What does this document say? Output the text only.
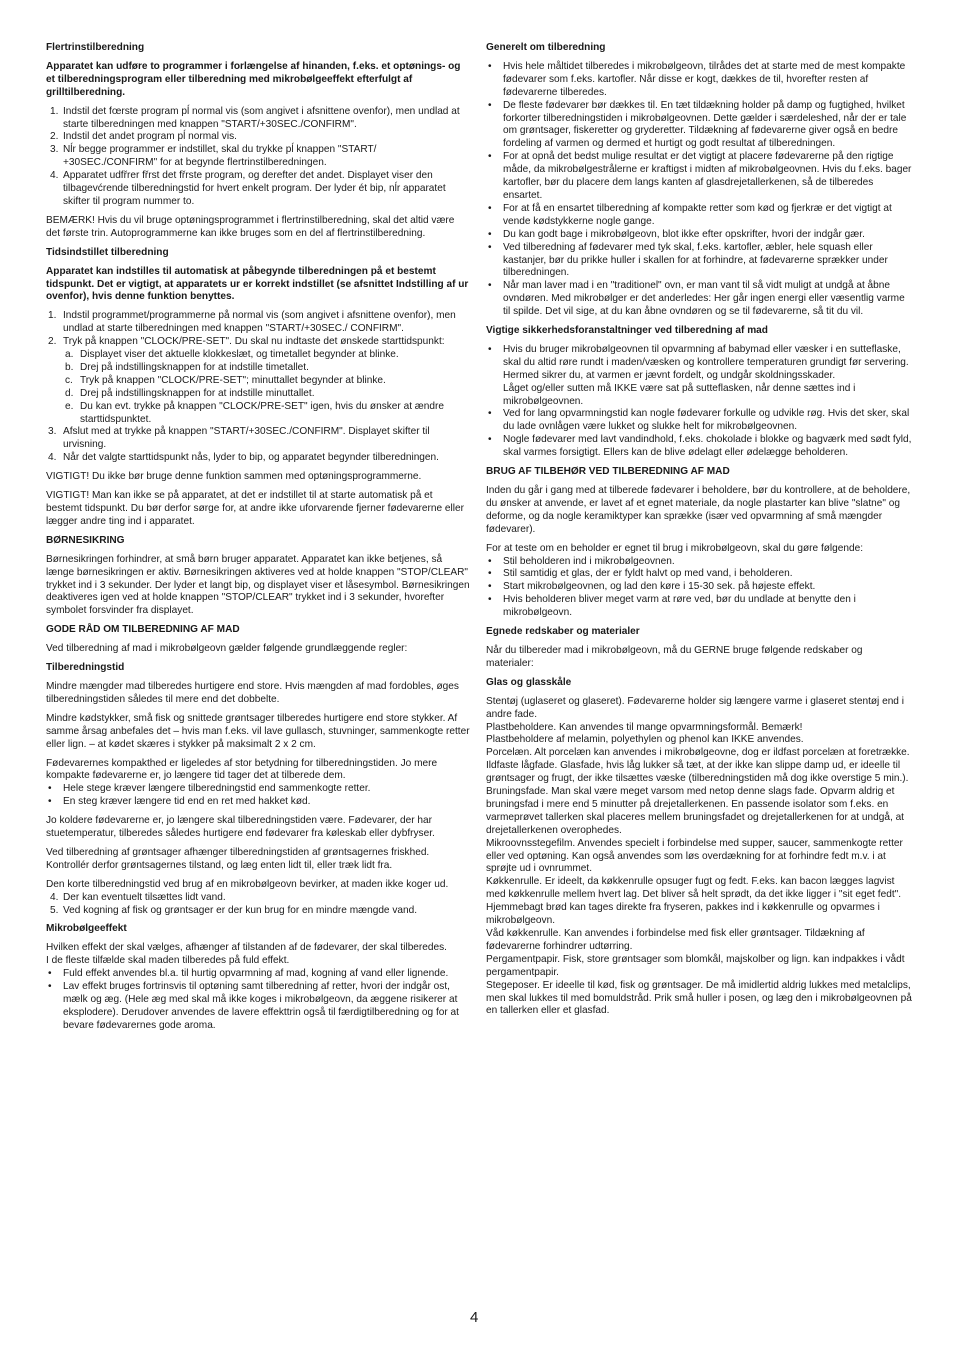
Flertrinstilberedning

Apparatet kan udføre to programmer i forlængelse af hinanden, f.eks. et optønings- og et tilberedningsprogram eller tilberedning med mikrobølgeeffekt efterfulgt af grilltilberedning.

1. Indstil det fœrste program pĺ normal vis (som angivet i afsnittene ovenfor), men undlad at starte tilberedningen med knappen "START/+30SEC./CONFIRM".
2. Indstil det andet program pĺ normal vis.
3. Nĺr begge programmer er indstillet, skal du trykke pĺ knappen "START/ +30SEC./CONFIRM" for at begynde flertrinstilberedningen.
4. Apparatet udfřrer fřrst det fřrste program, og derefter det andet. Displayet viser den tilbagevćrende tilberedningstid for hvert enkelt program. Der lyder ét bip, nĺr apparatet skifter til program nummer to.

BEMÆRK! Hvis du vil bruge optøningsprogrammet i flertrinstilberedning, skal det altid være det første trin. Autoprogrammerne kan ikke bruges som en del af flertrinstilberedning.

Tidsindstillet tilberedning

Apparatet kan indstilles til automatisk at påbegynde tilberedningen på et bestemt tidspunkt. Det er vigtigt, at apparatets ur er korrekt indstillet (se afsnittet Indstilling af ur ovenfor), hvis denne funktion benyttes.

1. Indstil programmet/programmerne på normal vis (som angivet i afsnittene ovenfor), men undlad at starte tilberedningen med knappen "START/+30SEC./ CONFIRM".
2. Tryk på knappen "CLOCK/PRE-SET". Du skal nu indtaste det ønskede starttidspunkt:
a. Displayet viser det aktuelle klokkeslæt, og timetallet begynder at blinke.
b. Drej på indstillingsknappen for at indstille timetallet.
c. Tryk på knappen "CLOCK/PRE-SET"; minuttallet begynder at blinke.
d. Drej på indstillingsknappen for at indstille minuttallet.
e. Du kan evt. trykke på knappen "CLOCK/PRE-SET" igen, hvis du ønsker at ændre starttidspunktet.
3. Afslut med at trykke på knappen "START/+30SEC./CONFIRM". Displayet skifter til urvisning.
4. Når det valgte starttidspunkt nås, lyder to bip, og apparatet begynder tilberedningen.

VIGTIGT! Du ikke bør bruge denne funktion sammen med optøningsprogrammerne.

VIGTIGT! Man kan ikke se på apparatet, at det er indstillet til at starte automatisk på et bestemt tidspunkt. Du bør derfor sørge for, at andre ikke uforvarende fjerner fødevarerne eller lægger andre ting ind i apparatet.

BØRNESIKRING

Børnesikringen forhindrer, at små børn bruger apparatet. Apparatet kan ikke betjenes, så længe børnesikringen er aktiv. Børnesikringen aktiveres ved at holde knappen "STOP/CLEAR" trykket ind i 3 sekunder. Der lyder et langt bip, og displayet viser et låsesymbol. Børnesikringen deaktiveres igen ved at holde knappen "STOP/CLEAR" trykket ind i 3 sekunder, hvorefter symbolet forsvinder fra displayet.

GODE RÅD OM TILBEREDNING AF MAD

Ved tilberedning af mad i mikrobølgeovn gælder følgende grundlæggende regler:

Tilberedningstid

Mindre mængder mad tilberedes hurtigere end store. Hvis mængden af mad fordobles, øges tilberedningstiden således til mere end det dobbelte.

Mindre kødstykker, små fisk og snittede grøntsager tilberedes hurtigere end store stykker. Af samme årsag anbefales det – hvis man f.eks. vil lave gullasch, stuvninger, sammenkogte retter eller lign. – at kødet skæres i stykker på maksimalt 2 x 2 cm.

Fødevarernes kompakthed er ligeledes af stor betydning for tilberedningstiden. Jo mere kompakte fødevarerne er, jo længere tid tager det at tilberede dem.

• Hele stege kræver længere tilberedningstid end sammenkogte retter.
• En steg kræver længere tid end en ret med hakket kød.

Jo koldere fødevarerne er, jo længere skal tilberedningstiden være. Fødevarer, der har stuetemperatur, tilberedes således hurtigere end fødevarer fra køleskab eller dybfryser.

Ved tilberedning af grøntsager afhænger tilberedningstiden af grøntsagernes friskhed. Kontrollér derfor grøntsagernes tilstand, og læg enten lidt til, eller træk lidt fra.

Den korte tilberedningstid ved brug af en mikrobølgeovn bevirker, at maden ikke koger ud.

4. Der kan eventuelt tilsættes lidt vand.
5. Ved kogning af fisk og grøntsager er der kun brug for en mindre mængde vand.
Mikrobølgeeffekt

Hvilken effekt der skal vælges, afhænger af tilstanden af de fødevarer, der skal tilberedes.

I de fleste tilfælde skal maden tilberedes på fuld effekt.

• Fuld effekt anvendes bl.a. til hurtig opvarmning af mad, kogning af vand eller lignende.
• Lav effekt bruges fortrinsvis til optøning samt tilberedning af retter, hvori der indgår ost, mælk og æg. (Hele æg med skal må ikke koges i mikrobølgeovn, da æggene risikerer at eksplodere). Derudover anvendes de lavere effekttrin også til færdigtilberedning og for at bevare fødevarernes gode aroma.
Generelt om tilberedning
• Hvis hele måltidet tilberedes i mikrobølgeovn, tilrådes det at starte med de mest kompakte fødevarer som f.eks. kartofler. Når disse er kogt, dækkes de til, hvorefter resten af fødevarerne tilberedes.
• De fleste fødevarer bør dækkes til. En tæt tildækning holder på damp og fugtighed, hvilket forkorter tilberedningstiden i mikrobølgeovnen. Dette gælder i særdeleshed, når der er tale om grøntsager, fiskeretter og gryderetter. Tildækning af fødevarerne giver også en bedre fordeling af varmen og dermed et hurtigt og godt resultat af tilberedningen.
• For at opnå det bedst mulige resultat er det vigtigt at placere fødevarerne på den rigtige måde, da mikrobølgestrålerne er kraftigst i midten af mikrobølgeovnen. Hvis du f.eks. bager kartofler, bør du placere dem langs kanten af glasdrejetallerkenen, så de tilberedes ensartet.
• For at få en ensartet tilberedning af kompakte retter som kød og fjerkræ er det vigtigt at vende kødstykkerne nogle gange.
• Du kan godt bage i mikrobølgeovn, blot ikke efter opskrifter, hvori der indgår gær.
• Ved tilberedning af fødevarer med tyk skal, f.eks. kartofler, æbler, hele squash eller kastanjer, bør du prikke huller i skallen for at forhindre, at fødevarerne sprækker under tilberedningen.
• Når man laver mad i en "traditionel" ovn, er man vant til så vidt muligt at undgå at åbne ovndøren. Med mikrobølger er det anderledes: Her går ingen energi eller væsentlig varme til spilde. Det vil sige, at du kan åbne ovndøren og se til fødevarerne, så tit du vil.
Vigtige sikkerhedsforanstaltninger ved tilberedning af mad
• Hvis du bruger mikrobølgeovnen til opvarmning af babymad eller væsker i en sutteflaske, skal du altid røre rundt i maden/væsken og kontrollere temperaturen grundigt før servering. Hermed sikrer du, at varmen er jævnt fordelt, og undgår skoldningsskader.
Låget og/eller sutten må IKKE være sat på sutteflasken, når denne sættes ind i mikrobølgeovnen.
• Ved for lang opvarmningstid kan nogle fødevarer forkulle og udvikle røg. Hvis det sker, skal du lade ovnlågen være lukket og slukke helt for mikrobølgeovnen.
• Nogle fødevarer med lavt vandindhold, f.eks. chokolade i blokke og bagværk med sødt fyld, skal varmes forsigtigt. Ellers kan de blive ødelagt eller ødelægge beholderen.
BRUG AF TILBEHØR VED TILBEREDNING AF MAD

Inden du går i gang med at tilberede fødevarer i beholdere, bør du kontrollere, at de beholdere, du ønsker at anvende, er lavet af et egnet materiale, da nogle plastarter kan blive "slatne" og deforme, og da nogle keramiktyper kan sprække (især ved opvarmning af små mængder fødevarer).

For at teste om en beholder er egnet til brug i mikrobølgeovn, skal du gøre følgende:

• Stil beholderen ind i mikrobølgeovnen.
• Stil samtidig et glas, der er fyldt halvt op med vand, i beholderen.
• Start mikrobølgeovnen, og lad den køre i 15-30 sek. på højeste effekt.
• Hvis beholderen bliver meget varm at røre ved, bør du undlade at benytte den i mikrobølgeovn.
Egnede redskaber og materialer

Når du tilbereder mad i mikrobølgeovn, må du GERNE bruge følgende redskaber og materialer:

Glas og glasskåle

Stentøj (uglaseret og glaseret). Fødevarerne holder sig længere varme i glaseret stentøj end i andre fade.

Plastbeholdere. Kan anvendes til mange opvarmningsformål. Bemærk!

Plastbeholdere af melamin, polyethylen og phenol kan IKKE anvendes.

Porcelæn. Alt porcelæn kan anvendes i mikrobølgeovne, dog er ildfast porcelæn at foretrække.

Ildfaste lågfade. Glasfade, hvis låg lukker så tæt, at der ikke kan slippe damp ud, er ideelle til grøntsager og frugt, der ikke tilsættes væske (tilberedningstiden må dog ikke overstige 5 min.).

Bruningsfade. Man skal være meget varsom med netop denne slags fade. Opvarm aldrig et bruningsfad i mere end 5 minutter på drejetallerkenen. En passende isolator som f.eks. en varmeprøvet tallerken skal placeres mellem bruningsfadet og drejetallerkenen for at undgå, at drejetallerkenen overophedes.

Mikroovnsstegefilm. Anvendes specielt i forbindelse med supper, saucer, sammenkogte retter eller ved optøning. Kan også anvendes som løs overdækning for at forhindre fedt m.v. i at sprøjte ud i ovnrummet.

Køkkenrulle. Er ideelt, da køkkenrulle opsuger fugt og fedt. F.eks. kan bacon lægges lagvist med køkkenrulle mellem hvert lag. Det bliver så helt sprødt, da det ikke ligger i "sit eget fedt". Hjemmebagt brød kan tages direkte fra fryseren, pakkes ind i køkkenrulle og opvarmes i mikrobølgeovn.

Våd køkkenrulle. Kan anvendes i forbindelse med fisk eller grøntsager. Tildækning af fødevarerne forhindrer udtørring.

Pergamentpapir. Fisk, store grøntsager som blomkål, majskolber og lign. kan indpakkes i vådt pergamentpapir.

Stegeposer. Er ideelle til kød, fisk og grøntsager. De må imidlertid aldrig lukkes med metalclips, men skal lukkes til med bomuldstråd. Prik små huller i posen, og læg den i mikrobølgeovnen på en tallerken eller et glasfad.

4
